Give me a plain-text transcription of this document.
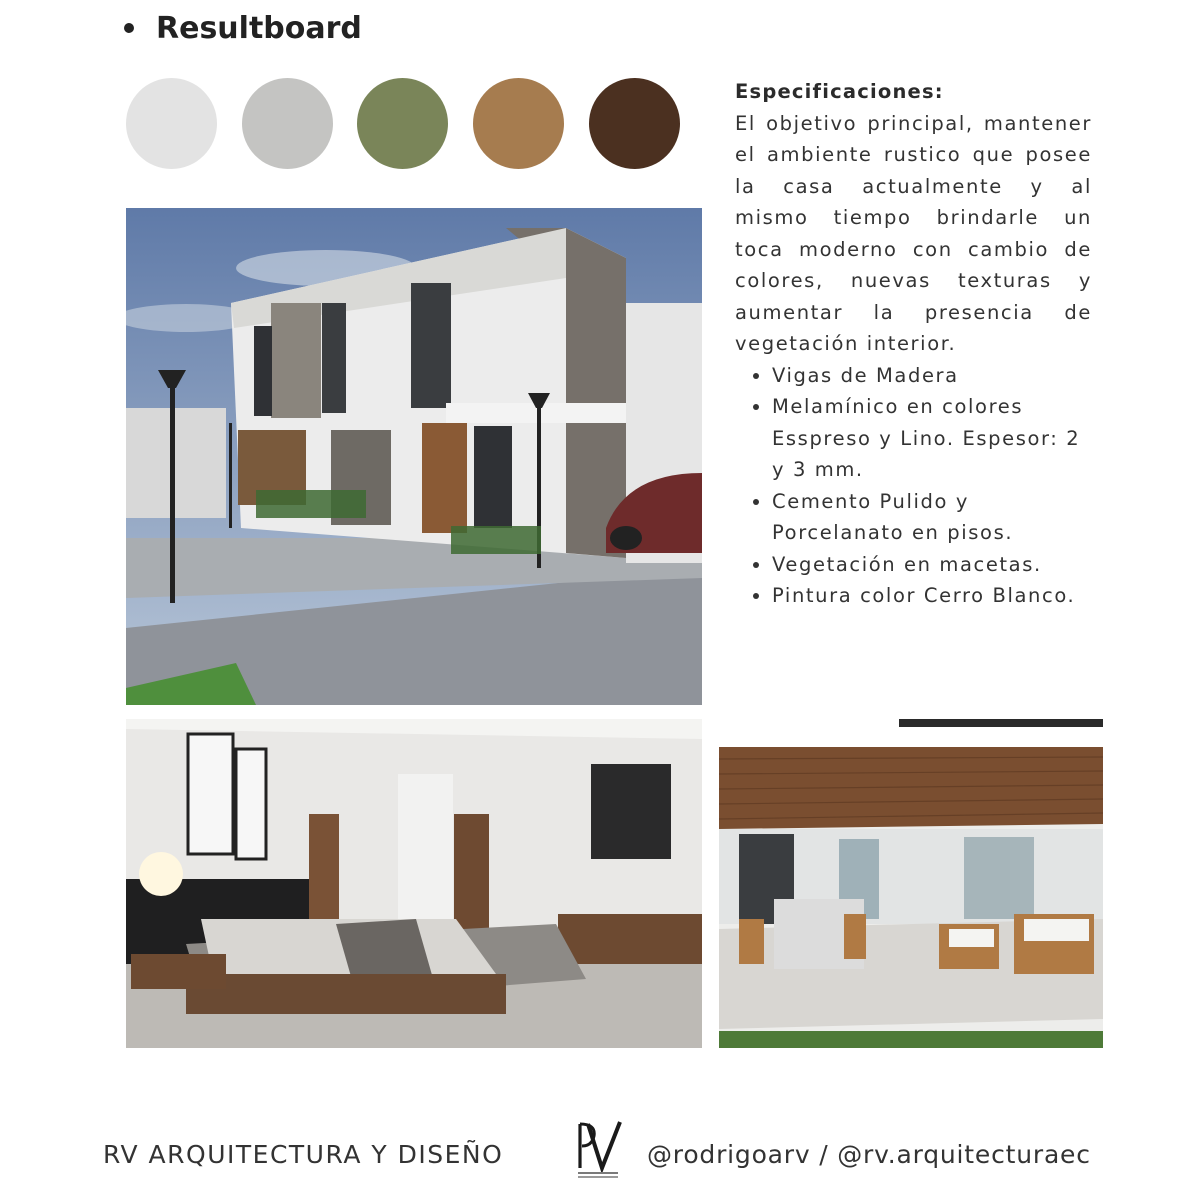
Resultboard
Especificaciones:
El objetivo principal, mantener el ambiente rustico que posee la casa actualmente y al mismo tiempo brindarle un toca moderno con cambio de colores, nuevas texturas y aumentar la presencia de vegetación interior.
• Vigas de Madera
• Melamínico en colores Esspreso y Lino. Espesor: 2 y 3 mm.
• Cemento Pulido y Porcelanato en pisos.
• Vegetación en macetas.
• Pintura color Cerro Blanco.
RV ARQUITECTURA Y DISEÑO	@rodrigoarv / @rv.arquitecturaec
